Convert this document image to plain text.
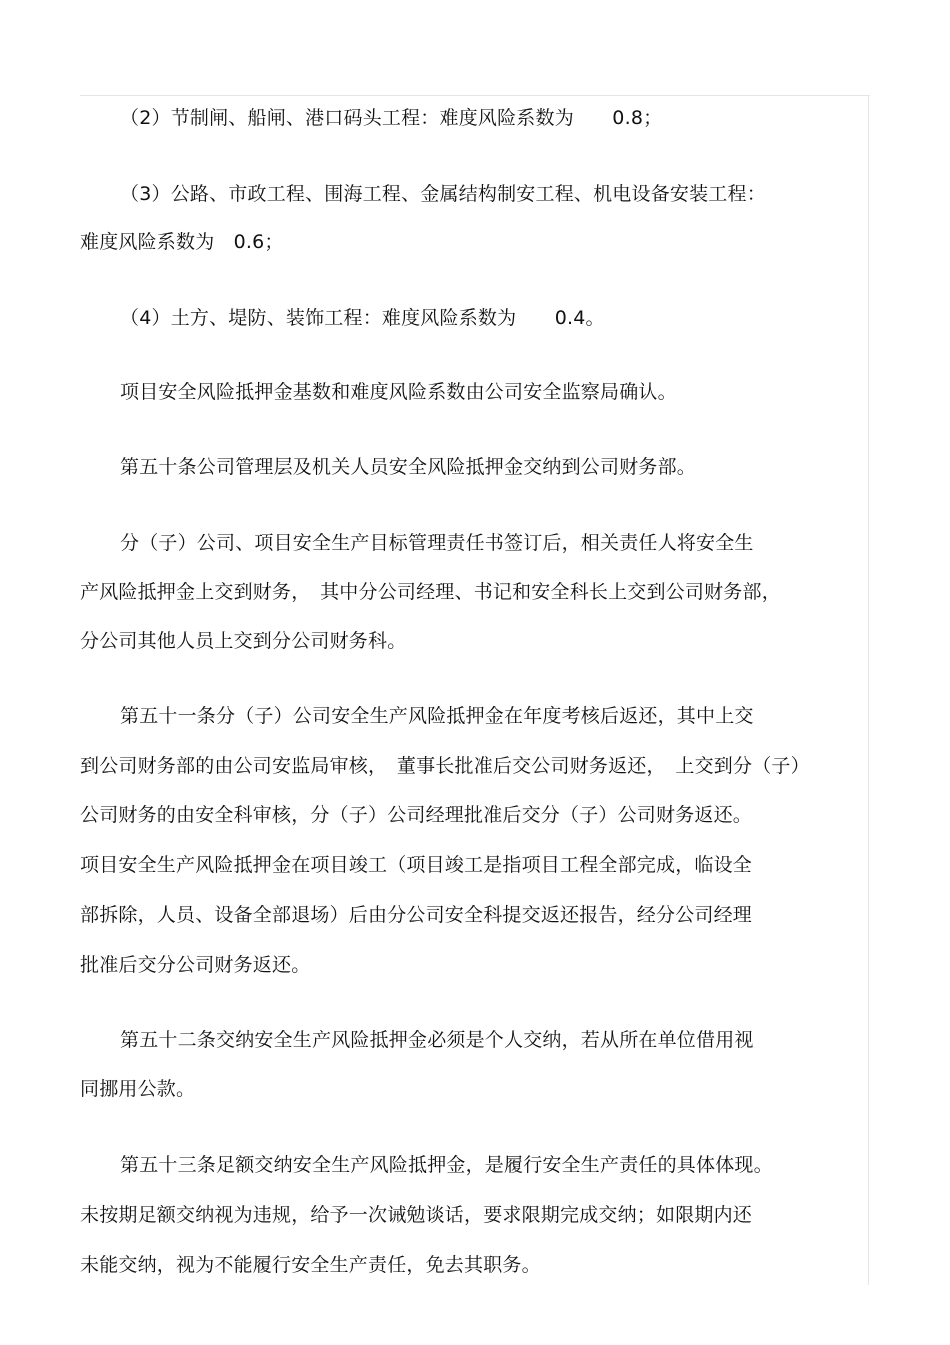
（2）节制闸、船闸、港口码头工程：难度风险系数为　　0.8；
（3）公路、市政工程、围海工程、金属结构制安工程、机电设备安装工程：
难度风险系数为　0.6；
（4）土方、堤防、装饰工程：难度风险系数为　　0.4。
项目安全风险抵押金基数和难度风险系数由公司安全监察局确认。
第五十条公司管理层及机关人员安全风险抵押金交纳到公司财务部。
分（子）公司、项目安全生产目标管理责任书签订后，相关责任人将安全生
产风险抵押金上交到财务，　其中分公司经理、书记和安全科长上交到公司财务部，
分公司其他人员上交到分公司财务科。
第五十一条分（子）公司安全生产风险抵押金在年度考核后返还，其中上交
到公司财务部的由公司安监局审核，　董事长批准后交公司财务返还，　上交到分（子）
公司财务的由安全科审核，分（子）公司经理批准后交分（子）公司财务返还。
项目安全生产风险抵押金在项目竣工（项目竣工是指项目工程全部完成，临设全
部拆除，人员、设备全部退场）后由分公司安全科提交返还报告，经分公司经理
批准后交分公司财务返还。
第五十二条交纳安全生产风险抵押金必须是个人交纳，若从所在单位借用视
同挪用公款。
第五十三条足额交纳安全生产风险抵押金，是履行安全生产责任的具体体现。
未按期足额交纳视为违规，给予一次诫勉谈话，要求限期完成交纳；如限期内还
未能交纳，视为不能履行安全生产责任，免去其职务。
